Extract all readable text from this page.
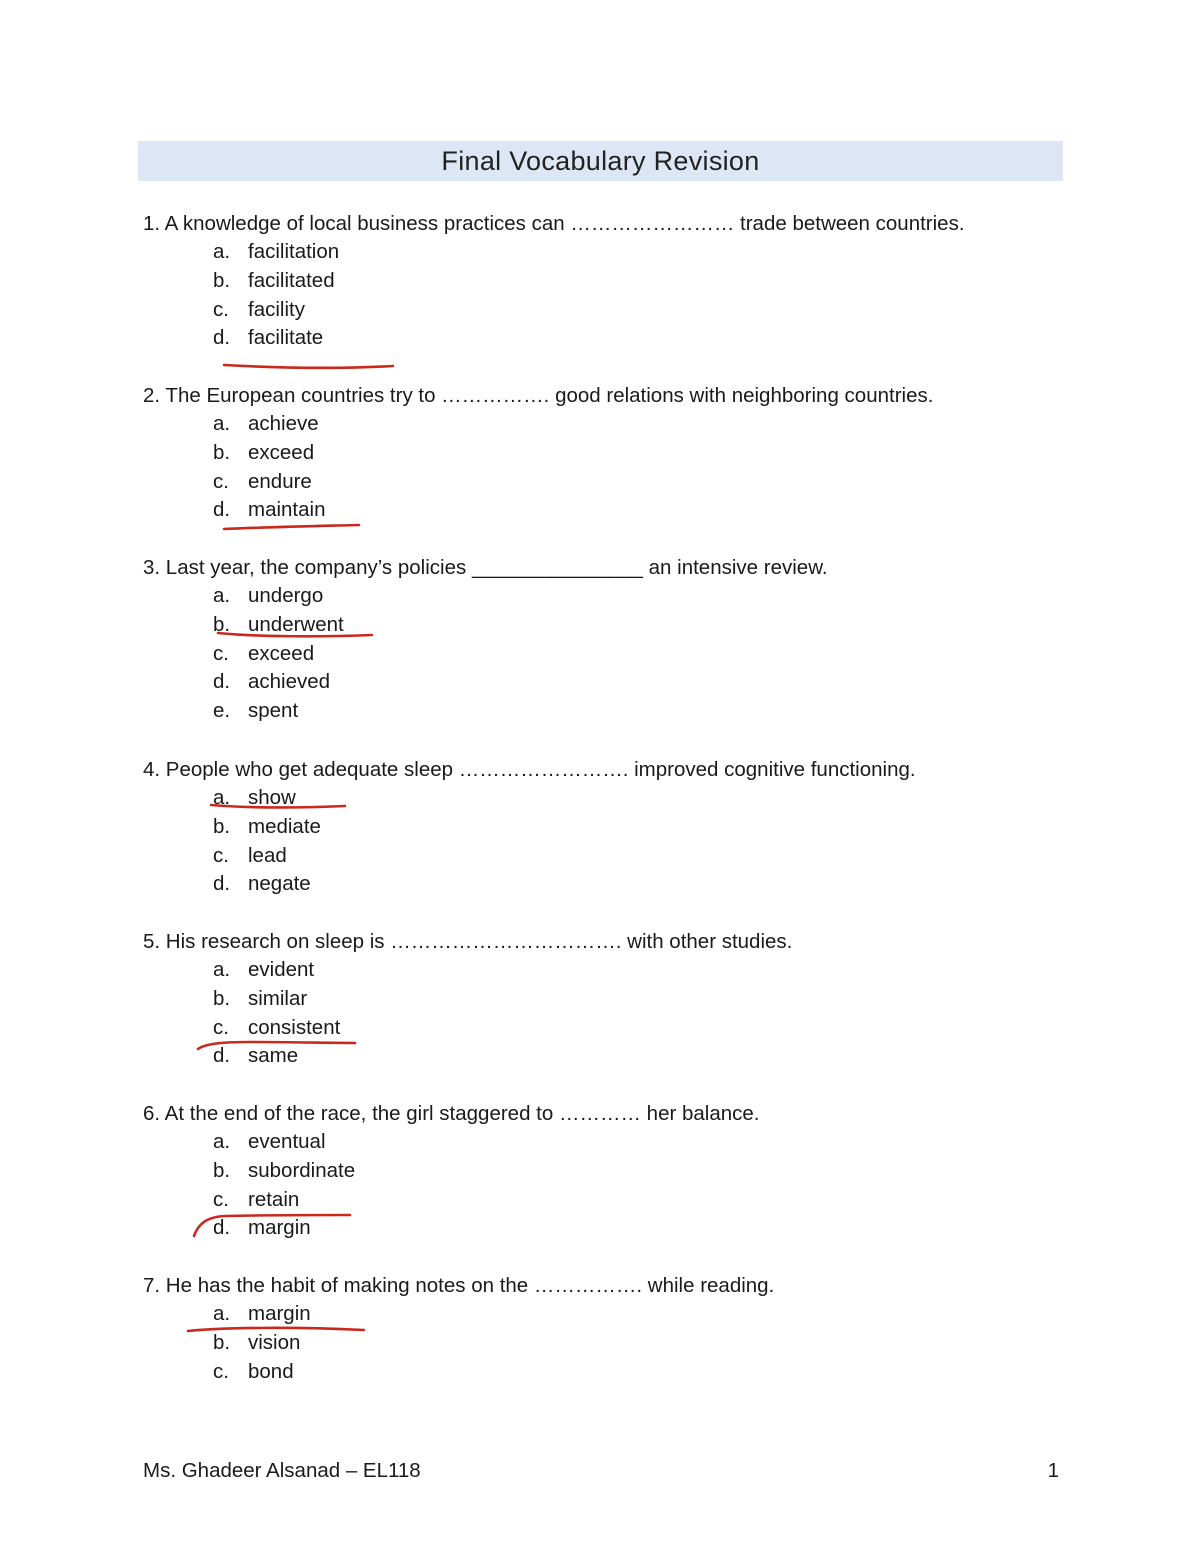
Final Vocabulary Revision
1. A knowledge of local business practices can …………………… trade between countries.
a. facilitation
b. facilitated
c. facility
d. facilitate
2. The European countries try to ……………. good relations with neighboring countries.
a. achieve
b. exceed
c. endure
d. maintain
3. Last year, the company’s policies _______________ an intensive review.
a. undergo
b. underwent
c. exceed
d. achieved
e. spent
4. People who get adequate sleep ……………………. improved cognitive functioning.
a. show
b. mediate
c. lead
d. negate
5. His research on sleep is ……………………………. with other studies.
a. evident
b. similar
c. consistent
d. same
6. At the end of the race, the girl staggered to ………… her balance.
a. eventual
b. subordinate
c. retain
d. margin
7. He has the habit of making notes on the ……………. while reading.
a. margin
b. vision
c. bond
Ms. Ghadeer Alsanad – EL118	1
